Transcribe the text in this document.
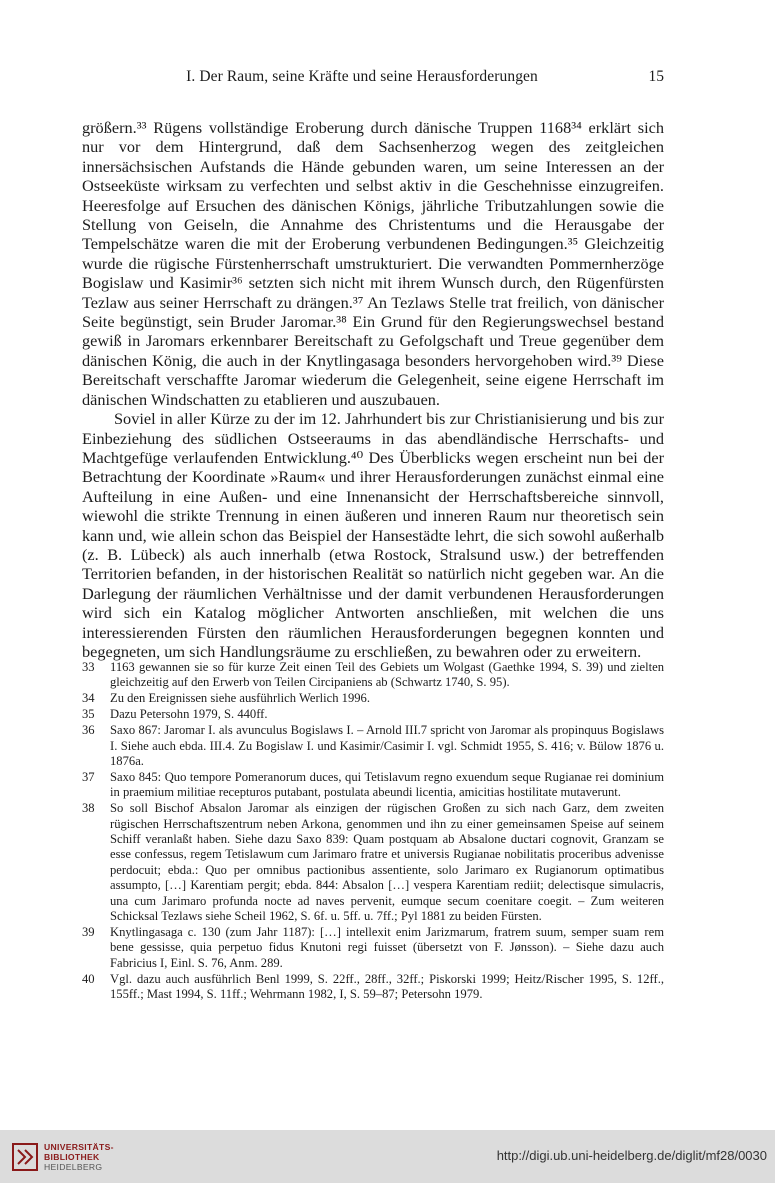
I. Der Raum, seine Kräfte und seine Herausforderungen	15

größern.³³ Rügens vollständige Eroberung durch dänische Truppen 1168³⁴ erklärt sich nur vor dem Hintergrund, daß dem Sachsenherzog wegen des zeitgleichen innersächsischen Aufstands die Hände gebunden waren, um seine Interessen an der Ostseeküste wirksam zu verfechten und selbst aktiv in die Geschehnisse einzugreifen. Heeresfolge auf Ersuchen des dänischen Königs, jährliche Tributzahlungen sowie die Stellung von Geiseln, die Annahme des Christentums und die Herausgabe der Tempelschätze waren die mit der Eroberung verbundenen Bedingungen.³⁵ Gleichzeitig wurde die rügische Fürstenherrschaft umstrukturiert. Die verwandten Pommernherzöge Bogislaw und Kasimir³⁶ setzten sich nicht mit ihrem Wunsch durch, den Rügenfürsten Tezlaw aus seiner Herrschaft zu drängen.³⁷ An Tezlaws Stelle trat freilich, von dänischer Seite begünstigt, sein Bruder Jaromar.³⁸ Ein Grund für den Regierungswechsel bestand gewiß in Jaromars erkennbarer Bereitschaft zu Gefolgschaft und Treue gegenüber dem dänischen König, die auch in der Knytlingasaga besonders hervorgehoben wird.³⁹ Diese Bereitschaft verschaffte Jaromar wiederum die Gelegenheit, seine eigene Herrschaft im dänischen Windschatten zu etablieren und auszubauen.

Soviel in aller Kürze zu der im 12. Jahrhundert bis zur Christianisierung und bis zur Einbeziehung des südlichen Ostseeraums in das abendländische Herrschafts- und Machtgefüge verlaufenden Entwicklung.⁴⁰ Des Überblicks wegen erscheint nun bei der Betrachtung der Koordinate »Raum« und ihrer Herausforderungen zunächst einmal eine Aufteilung in eine Außen- und eine Innenansicht der Herrschaftsbereiche sinnvoll, wiewohl die strikte Trennung in einen äußeren und inneren Raum nur theoretisch sein kann und, wie allein schon das Beispiel der Hansestädte lehrt, die sich sowohl außerhalb (z. B. Lübeck) als auch innerhalb (etwa Rostock, Stralsund usw.) der betreffenden Territorien befanden, in der historischen Realität so natürlich nicht gegeben war. An die Darlegung der räumlichen Verhältnisse und der damit verbundenen Herausforderungen wird sich ein Katalog möglicher Antworten anschließen, mit welchen die uns interessierenden Fürsten den räumlichen Herausforderungen begegnen konnten und begegneten, um sich Handlungsräume zu erschließen, zu bewahren oder zu erweitern.

33	1163 gewannen sie so für kurze Zeit einen Teil des Gebiets um Wolgast (Gaethke 1994, S. 39) und zielten gleichzeitig auf den Erwerb von Teilen Circipaniens ab (Schwartz 1740, S. 95).
34	Zu den Ereignissen siehe ausführlich Werlich 1996.
35	Dazu Petersohn 1979, S. 440ff.
36	Saxo 867: Jaromar I. als avunculus Bogislaws I. – Arnold III.7 spricht von Jaromar als propinquus Bogislaws I. Siehe auch ebda. III.4. Zu Bogislaw I. und Kasimir/Casimir I. vgl. Schmidt 1955, S. 416; v. Bülow 1876 u. 1876a.
37	Saxo 845: Quo tempore Pomeranorum duces, qui Tetislavum regno exuendum seque Rugianae rei dominium in praemium militiae recepturos putabant, postulata abeundi licentia, amicitias hostilitate mutaverunt.
38	So soll Bischof Absalon Jaromar als einzigen der rügischen Großen zu sich nach Garz, dem zweiten rügischen Herrschaftszentrum neben Arkona, genommen und ihn zu einer gemeinsamen Speise auf seinem Schiff veranlaßt haben. Siehe dazu Saxo 839: Quam postquam ab Absalone ductari cognovit, Granzam se esse confessus, regem Tetislawum cum Jarimaro fratre et universis Rugianae nobilitatis proceribus advenisse perdocuit; ebda.: Quo per omnibus pactionibus assentiente, solo Jarimaro ex Rugianorum optimatibus assumpto, […] Karentiam pergit; ebda. 844: Absalon […] vespera Karentiam rediit; delectisque simulacris, una cum Jarimaro profunda nocte ad naves pervenit, eumque secum coenitare coegit. – Zum weiteren Schicksal Tezlaws siehe Scheil 1962, S. 6f. u. 5ff. u. 7ff.; Pyl 1881 zu beiden Fürsten.
39	Knytlingasaga c. 130 (zum Jahr 1187): […] intellexit enim Jarizmarum, fratrem suum, semper suam rem bene gessisse, quia perpetuo fidus Knutoni regi fuisset (übersetzt von F. Jønsson). – Siehe dazu auch Fabricius I, Einl. S. 76, Anm. 289.
40	Vgl. dazu auch ausführlich Benl 1999, S. 22ff., 28ff., 32ff.; Piskorski 1999; Heitz/Rischer 1995, S. 12ff., 155ff.; Mast 1994, S. 11ff.; Wehrmann 1982, I, S. 59–87; Petersohn 1979.
UNIVERSITÄTS-
BIBLIOTHEK
HEIDELBERG
http://digi.ub.uni-heidelberg.de/diglit/mf28/0030
